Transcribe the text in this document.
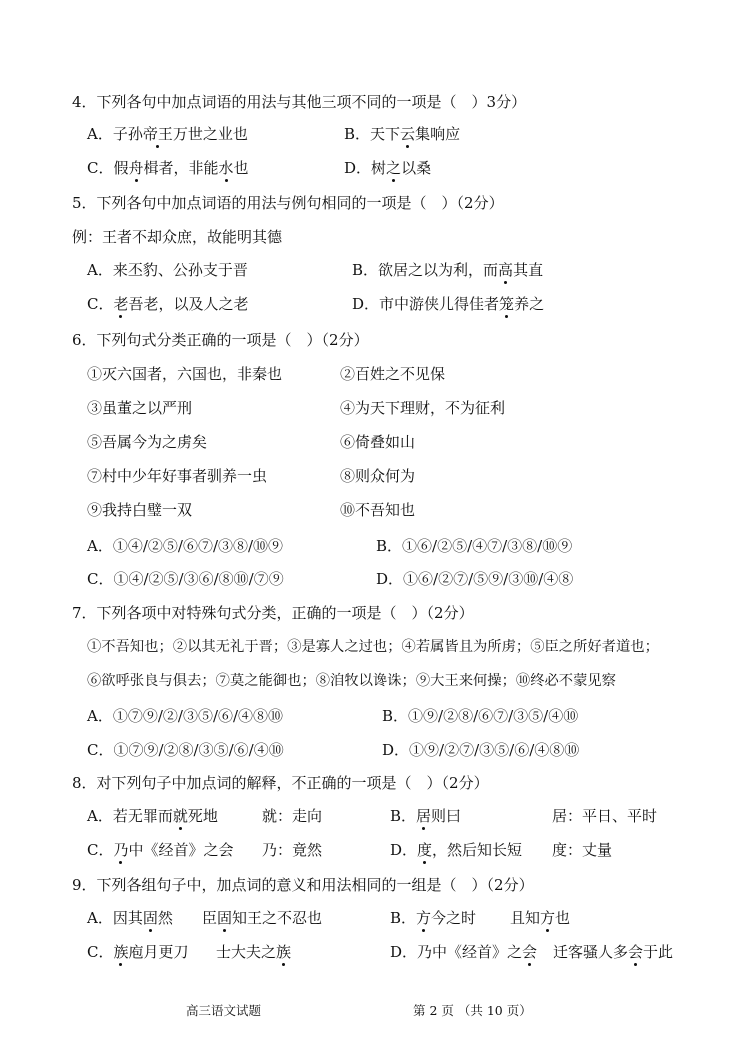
4．下列各句中加点词语的用法与其他三项不同的一项是（　）3分）
A．子孙帝王万世之业也	B．天下云集响应
C．假舟楫者，非能水也	D．树之以桑
5．下列各句中加点词语的用法与例句相同的一项是（　）（2分）
例：王者不却众庶，故能明其德
A．来丕豹、公孙支于晋	B．欲居之以为利，而高其直
C．老吾老，以及人之老	D．市中游侠儿得佳者笼养之
6．下列句式分类正确的一项是（　）（2分）
①灭六国者，六国也，非秦也	②百姓之不见保
③虽董之以严刑	④为天下理财，不为征利
⑤吾属今为之虏矣	⑥倚叠如山
⑦村中少年好事者驯养一虫	⑧则众何为
⑨我持白璧一双	⑩不吾知也
A．①④/②⑤/⑥⑦/③⑧/⑩⑨	B．①⑥/②⑤/④⑦/③⑧/⑩⑨
C．①④/②⑤/③⑥/⑧⑩/⑦⑨	D．①⑥/②⑦/⑤⑨/③⑩/④⑧
7．下列各项中对特殊句式分类，正确的一项是（　）（2分）
①不吾知也；②以其无礼于晋；③是寡人之过也；④若属皆且为所虏；⑤臣之所好者道也；
⑥欲呼张良与俱去；⑦莫之能御也；⑧洎牧以谗诛；⑨大王来何操；⑩终必不蒙见察
A．①⑦⑨/②/③⑤/⑥/④⑧⑩	B．①⑨/②⑧/⑥⑦/③⑤/④⑩
C．①⑦⑨/②⑧/③⑤/⑥/④⑩	D．①⑨/②⑦/③⑤/⑥/④⑧⑩
8．对下列句子中加点词的解释，不正确的一项是（　）（2分）
A．若无罪而就死地	就：走向	B．居则曰	居：平日、平时
C．乃中《经首》之会 乃：竟然	D．度，然后知长短 度：丈量
9．下列各组句子中，加点词的意义和用法相同的一组是（　）（2分）
A．因其固然 臣固知王之不忍也	B．方今之时 且知方也
C．族庖月更刀 士大夫之族	D．乃中《经首》之会 迁客骚人多会于此
高三语文试题	第 2 页 （共 10 页）
